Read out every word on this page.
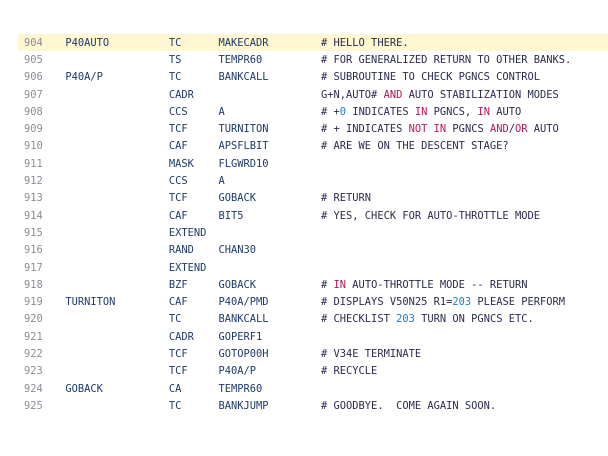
904	P40AUTO	TC	MAKECADR	# HELLO THERE.
905		TS	TEMPR60	# FOR GENERALIZED RETURN TO OTHER BANKS.
906	P40A/P	TC	BANKCALL	# SUBROUTINE TO CHECK PGNCS CONTROL
907		CADR		G+N,AUTO# AND AUTO STABILIZATION MODES
908		CCS	A	# +0 INDICATES IN PGNCS, IN AUTO
909		TCF	TURNITON	# + INDICATES NOT IN PGNCS AND/OR AUTO
910		CAF	APSFLBIT	# ARE WE ON THE DESCENT STAGE?
911		MASK	FLGWRD10	
912		CCS	A	
913		TCF	GOBACK	# RETURN
914		CAF	BIT5	# YES, CHECK FOR AUTO-THROTTLE MODE
915		EXTEND		
916		RAND	CHAN30	
917		EXTEND		
918		BZF	GOBACK	# IN AUTO-THROTTLE MODE -- RETURN
919	TURNITON	CAF	P40A/PMD	# DISPLAYS V50N25 R1=203 PLEASE PERFORM
920		TC	BANKCALL	# CHECKLIST 203 TURN ON PGNCS ETC.
921		CADR	GOPERF1	
922		TCF	GOTOP00H	# V34E TERMINATE
923		TCF	P40A/P	# RECYCLE
924	GOBACK	CA	TEMPR60	
925		TC	BANKJUMP	# GOODBYE.  COME AGAIN SOON.
